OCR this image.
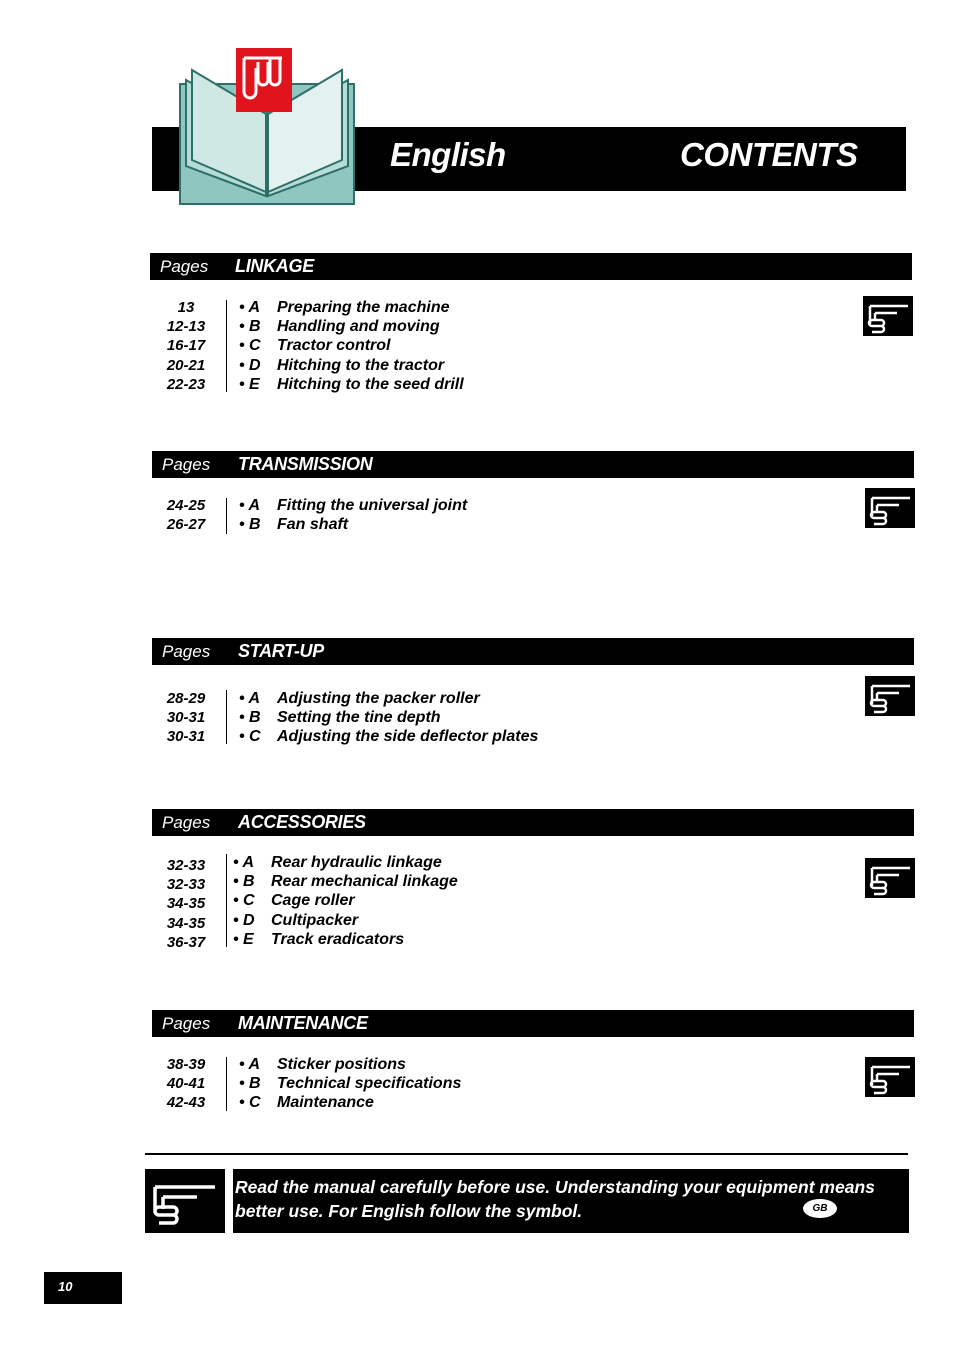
English	CONTENTS
Pages LINKAGE
13
12-13
16-17
20-21
22-23
• A Preparing the machine
• B Handling and moving
• C Tractor control
• D Hitching to the tractor
• E Hitching to the seed drill
Pages TRANSMISSION
24-25
26-27
• A Fitting the universal joint
• B Fan shaft
Pages START-UP
28-29
30-31
30-31
• A Adjusting the packer roller
• B Setting the tine depth
• C Adjusting the side deflector plates
Pages ACCESSORIES
32-33
32-33
34-35
34-35
36-37
• A Rear hydraulic linkage
• B Rear mechanical linkage
• C Cage roller
• D Cultipacker
• E Track eradicators
Pages MAINTENANCE
38-39
40-41
42-43
• A Sticker positions
• B Technical specifications
• C Maintenance
Read the manual carefully before use. Understanding your equipment means better use. For English follow the symbol.	GB
10
